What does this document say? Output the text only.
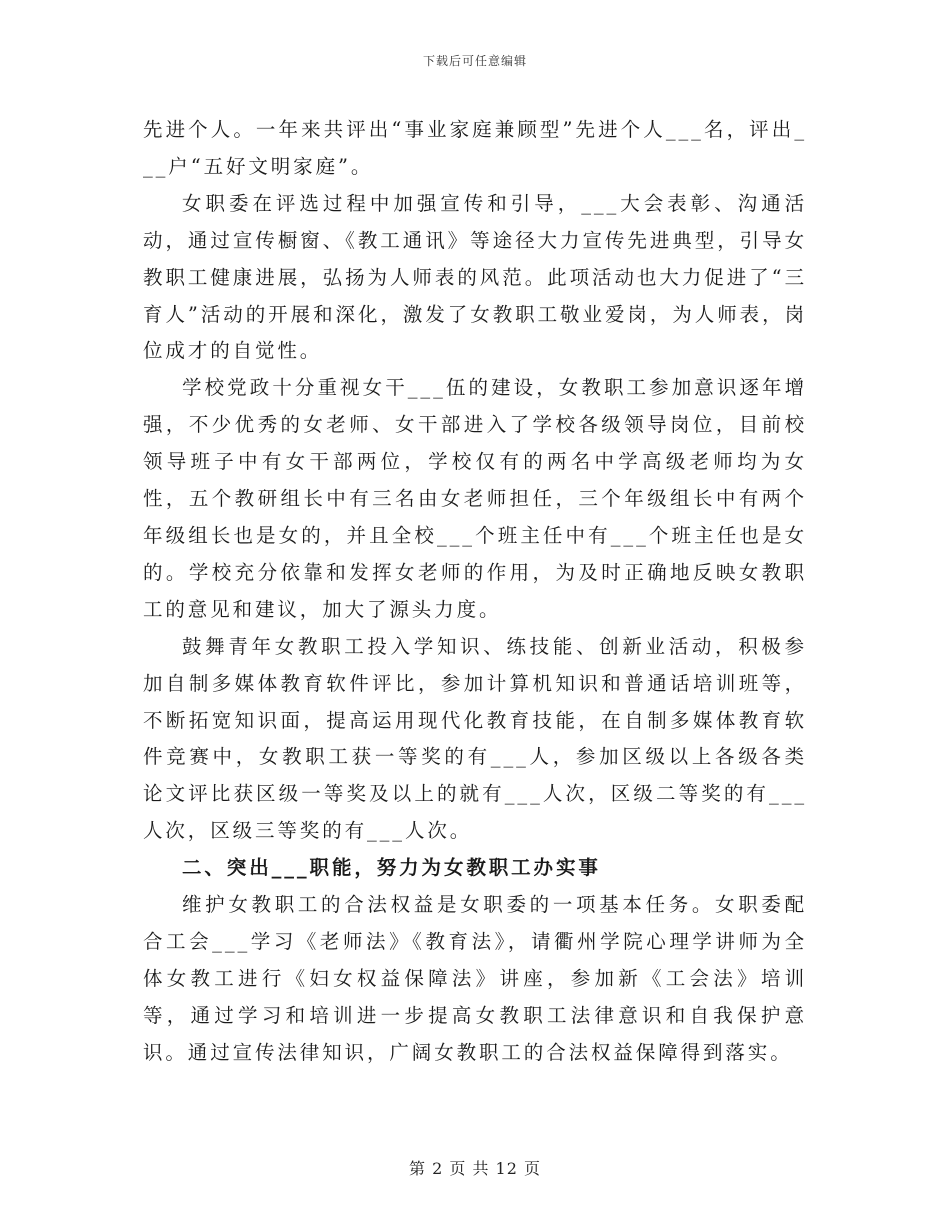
下载后可任意编辑

先进个人。一年来共评出“事业家庭兼顾型”先进个人___名，评出___户“五好文明家庭”。

女职委在评选过程中加强宣传和引导，___大会表彰、沟通活动，通过宣传橱窗、《教工通讯》等途径大力宣传先进典型，引导女教职工健康进展，弘扬为人师表的风范。此项活动也大力促进了“三育人”活动的开展和深化，激发了女教职工敬业爱岗，为人师表，岗位成才的自觉性。

学校党政十分重视女干___伍的建设，女教职工参加意识逐年增强，不少优秀的女老师、女干部进入了学校各级领导岗位，目前校领导班子中有女干部两位，学校仅有的两名中学高级老师均为女性，五个教研组长中有三名由女老师担任，三个年级组长中有两个年级组长也是女的，并且全校___个班主任中有___个班主任也是女的。学校充分依靠和发挥女老师的作用，为及时正确地反映女教职工的意见和建议，加大了源头力度。

鼓舞青年女教职工投入学知识、练技能、创新业活动，积极参加自制多媒体教育软件评比，参加计算机知识和普通话培训班等，不断拓宽知识面，提高运用现代化教育技能，在自制多媒体教育软件竞赛中，女教职工获一等奖的有___人，参加区级以上各级各类论文评比获区级一等奖及以上的就有___人次，区级二等奖的有___人次，区级三等奖的有___人次。

二、突出___职能，努力为女教职工办实事

维护女教职工的合法权益是女职委的一项基本任务。女职委配合工会___学习《老师法》《教育法》，请衢州学院心理学讲师为全体女教工进行《妇女权益保障法》讲座，参加新《工会法》培训等，通过学习和培训进一步提高女教职工法律意识和自我保护意识。通过宣传法律知识，广阔女教职工的合法权益保障得到落实。

第 2 页 共 12 页
